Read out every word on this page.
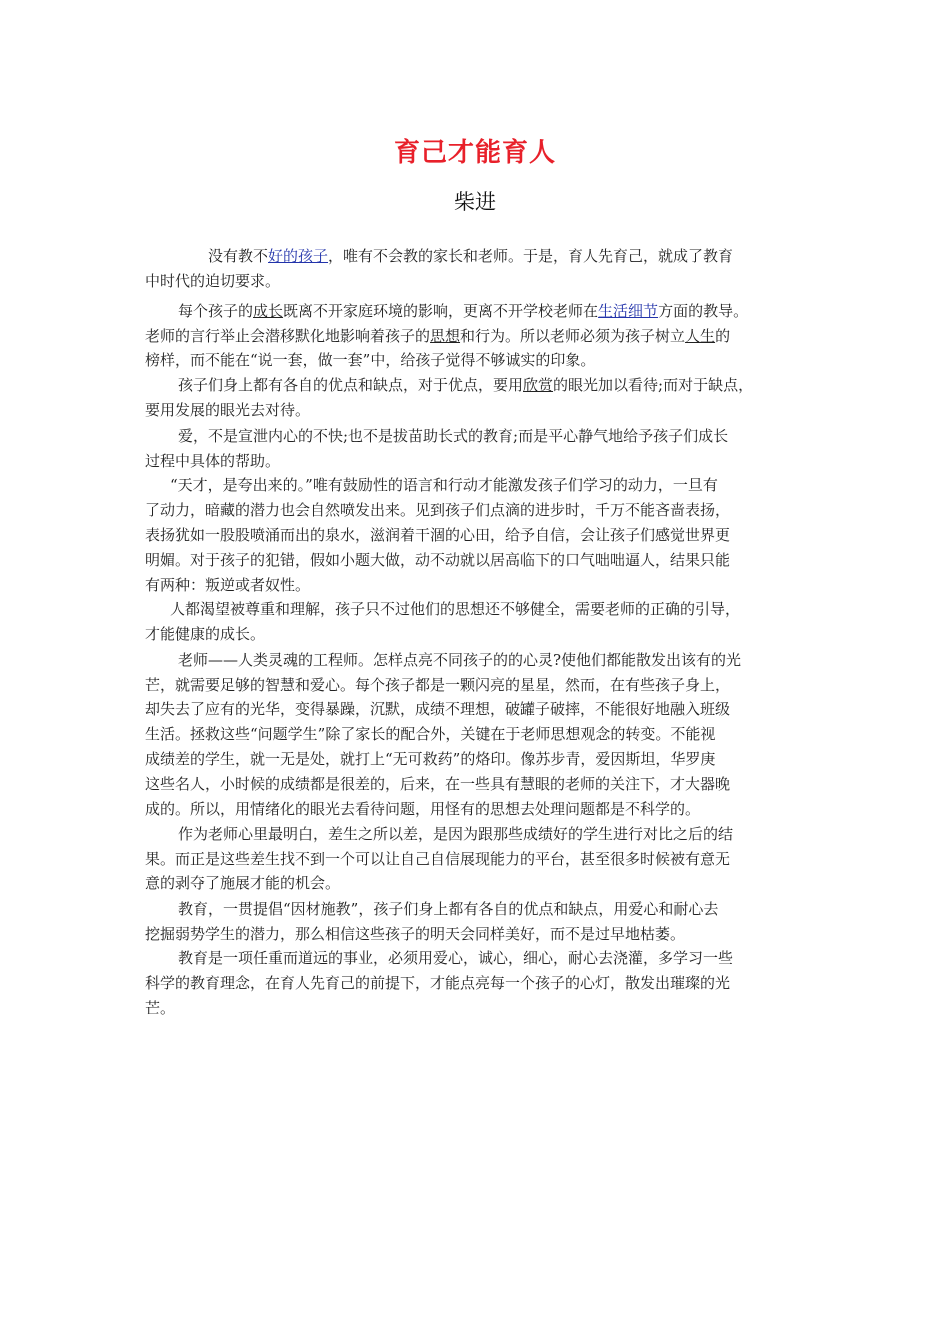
育己才能育人
柴进
没有教不好的孩子，唯有不会教的家长和老师。于是，育人先育己，就成了教育
中时代的迫切要求。
每个孩子的成长既离不开家庭环境的影响，更离不开学校老师在生活细节方面的教导。
老师的言行举止会潜移默化地影响着孩子的思想和行为。所以老师必须为孩子树立人生的
榜样，而不能在“说一套，做一套”中，给孩子觉得不够诚实的印象。
孩子们身上都有各自的优点和缺点，对于优点，要用欣赏的眼光加以看待;而对于缺点，
要用发展的眼光去对待。
爱，不是宣泄内心的不快;也不是拔苗助长式的教育;而是平心静气地给予孩子们成长
过程中具体的帮助。
“天才，是夸出来的。”唯有鼓励性的语言和行动才能激发孩子们学习的动力，一旦有
了动力，暗藏的潜力也会自然喷发出来。见到孩子们点滴的进步时，千万不能吝啬表扬，
表扬犹如一股股喷涌而出的泉水，滋润着干涸的心田，给予自信，会让孩子们感觉世界更
明媚。对于孩子的犯错，假如小题大做，动不动就以居高临下的口气咄咄逼人，结果只能
有两种：叛逆或者奴性。
人都渴望被尊重和理解，孩子只不过他们的思想还不够健全，需要老师的正确的引导，
才能健康的成长。
老师——人类灵魂的工程师。怎样点亮不同孩子的的心灵?使他们都能散发出该有的光
芒，就需要足够的智慧和爱心。每个孩子都是一颗闪亮的星星，然而，在有些孩子身上，
却失去了应有的光华，变得暴躁，沉默，成绩不理想，破罐子破摔，不能很好地融入班级
生活。拯救这些“问题学生”除了家长的配合外，关键在于老师思想观念的转变。不能视
成绩差的学生，就一无是处，就打上“无可救药”的烙印。像苏步青，爱因斯坦，华罗庚
这些名人，小时候的成绩都是很差的，后来，在一些具有慧眼的老师的关注下，才大器晚
成的。所以，用情绪化的眼光去看待问题，用怪有的思想去处理问题都是不科学的。
作为老师心里最明白，差生之所以差，是因为跟那些成绩好的学生进行对比之后的结
果。而正是这些差生找不到一个可以让自己自信展现能力的平台，甚至很多时候被有意无
意的剥夺了施展才能的机会。
教育，一贯提倡“因材施教”，孩子们身上都有各自的优点和缺点，用爱心和耐心去
挖掘弱势学生的潜力，那么相信这些孩子的明天会同样美好，而不是过早地枯萎。
教育是一项任重而道远的事业，必须用爱心，诚心，细心，耐心去浇灌，多学习一些
科学的教育理念，在育人先育己的前提下，才能点亮每一个孩子的心灯，散发出璀璨的光
芒。
